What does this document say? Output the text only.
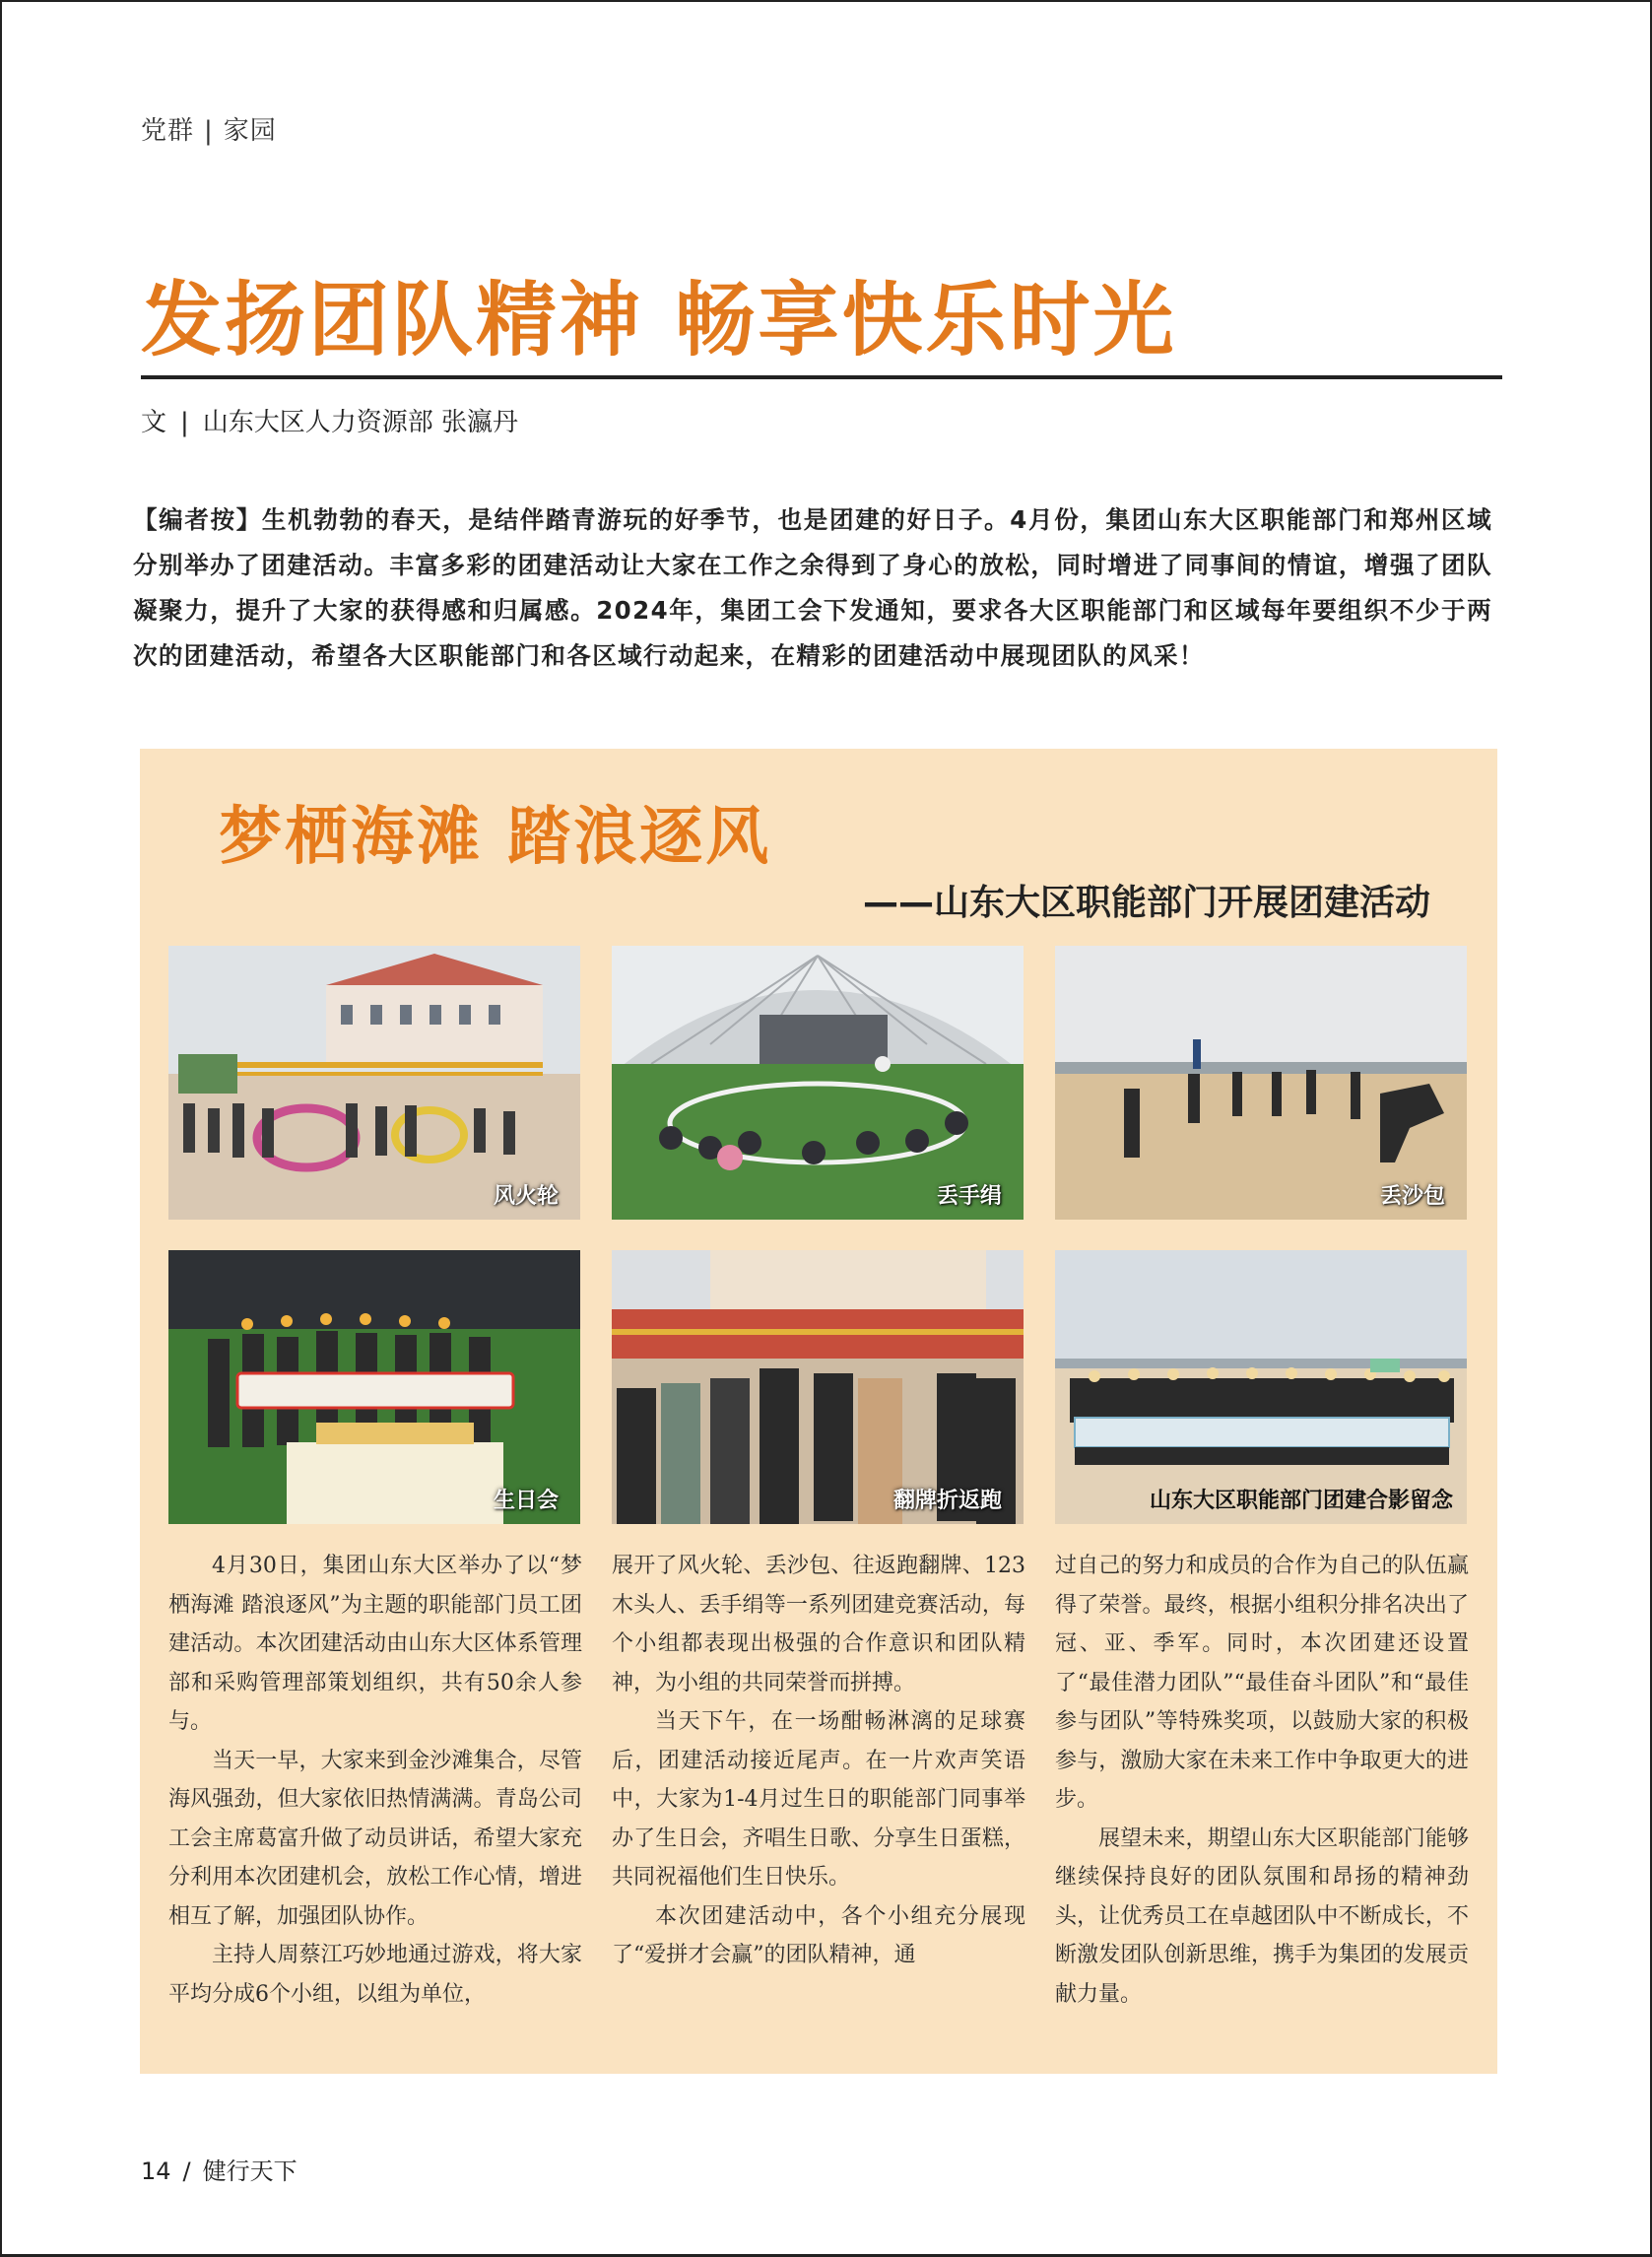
党群 | 家园
发扬团队精神 畅享快乐时光
文 | 山东大区人力资源部 张瀛丹
【编者按】生机勃勃的春天，是结伴踏青游玩的好季节，也是团建的好日子。4月份，集团山东大区职能部门和郑州区域分别举办了团建活动。丰富多彩的团建活动让大家在工作之余得到了身心的放松，同时增进了同事间的情谊，增强了团队凝聚力，提升了大家的获得感和归属感。2024年，集团工会下发通知，要求各大区职能部门和区域每年要组织不少于两次的团建活动，希望各大区职能部门和各区域行动起来，在精彩的团建活动中展现团队的风采！
梦栖海滩 踏浪逐风
——山东大区职能部门开展团建活动
风火轮	丢手绢	丢沙包
生日会	翻牌折返跑	山东大区职能部门团建合影留念

4月30日，集团山东大区举办了以“梦栖海滩 踏浪逐风”为主题的职能部门员工团建活动。本次团建活动由山东大区体系管理部和采购管理部策划组织，共有50余人参与。

当天一早，大家来到金沙滩集合，尽管海风强劲，但大家依旧热情满满。青岛公司工会主席葛富升做了动员讲话，希望大家充分利用本次团建机会，放松工作心情，增进相互了解，加强团队协作。

主持人周蔡江巧妙地通过游戏，将大家平均分成6个小组，以组为单位，

展开了风火轮、丢沙包、往返跑翻牌、123木头人、丢手绢等一系列团建竞赛活动，每个小组都表现出极强的合作意识和团队精神，为小组的共同荣誉而拼搏。

当天下午，在一场酣畅淋漓的足球赛后，团建活动接近尾声。在一片欢声笑语中，大家为1-4月过生日的职能部门同事举办了生日会，齐唱生日歌、分享生日蛋糕，共同祝福他们生日快乐。

本次团建活动中，各个小组充分展现了“爱拼才会赢”的团队精神，通

过自己的努力和成员的合作为自己的队伍赢得了荣誉。最终，根据小组积分排名决出了冠、亚、季军。同时，本次团建还设置了“最佳潜力团队”“最佳奋斗团队”和“最佳参与团队”等特殊奖项，以鼓励大家的积极参与，激励大家在未来工作中争取更大的进步。

展望未来，期望山东大区职能部门能够继续保持良好的团队氛围和昂扬的精神劲头，让优秀员工在卓越团队中不断成长，不断激发团队创新思维，携手为集团的发展贡献力量。

14 / 健行天下
